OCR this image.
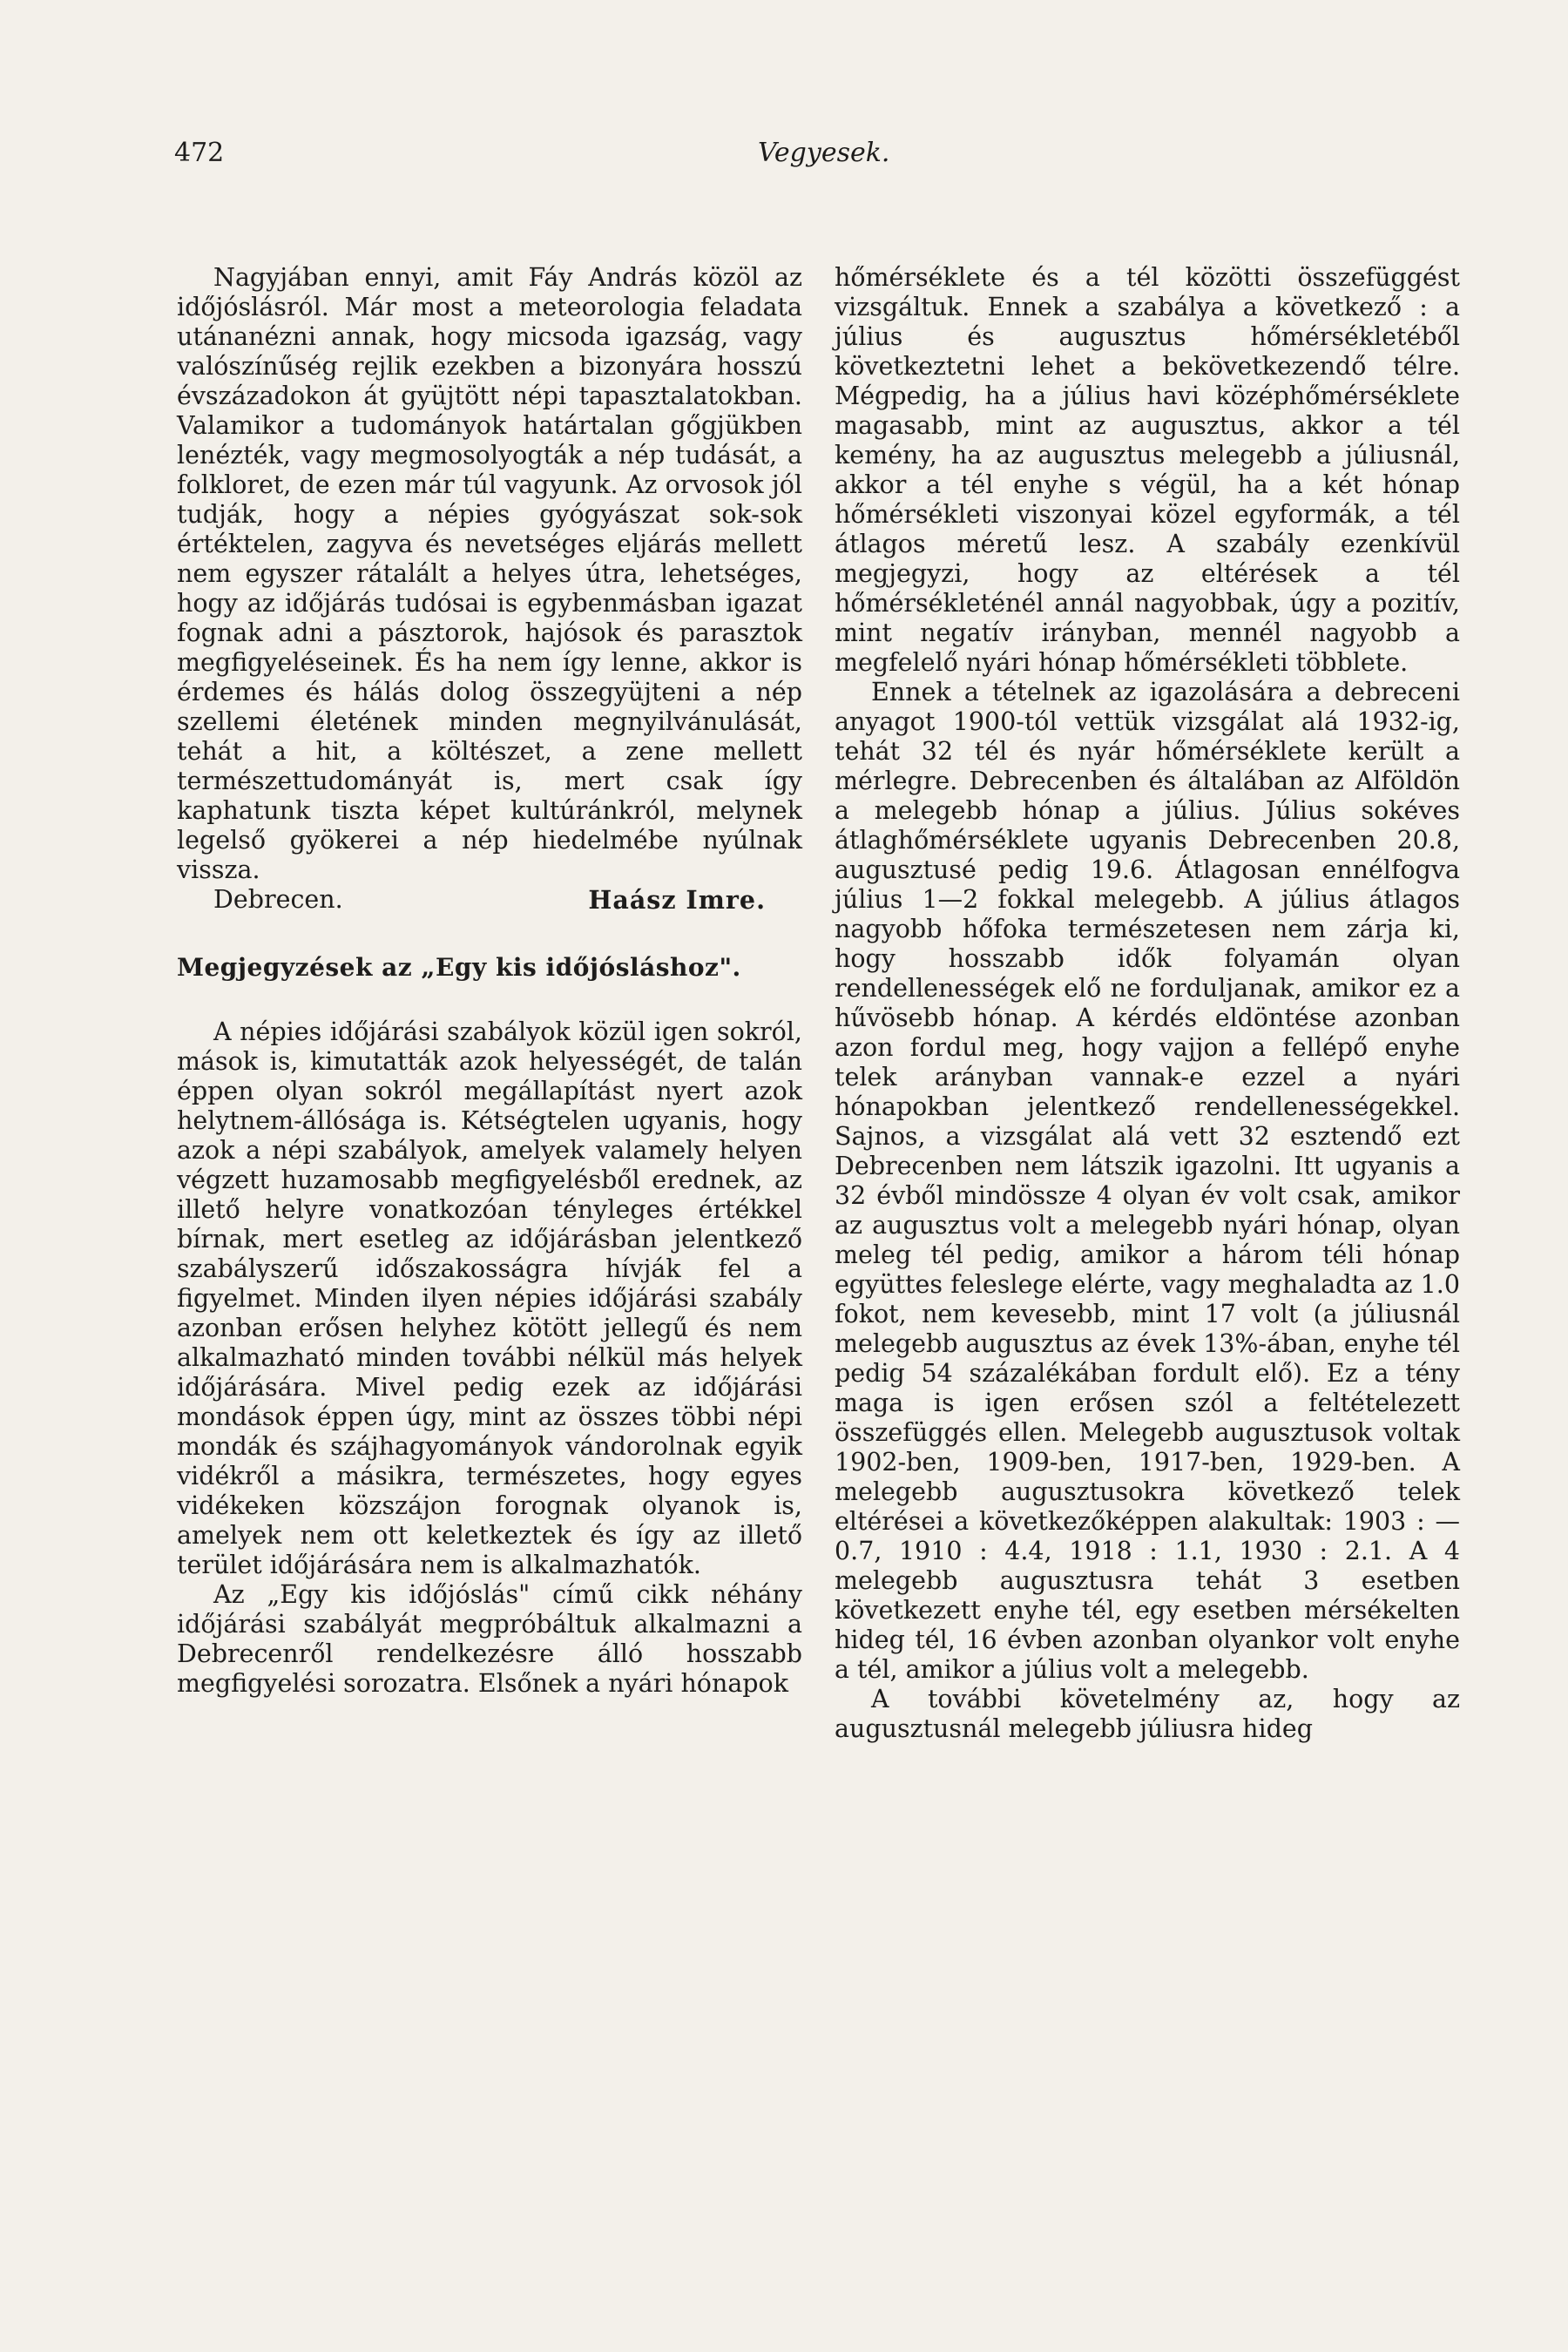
472	Vegyesek.

Nagyjában ennyi, amit Fáy András közöl az időjóslásról. Már most a meteorologia feladata utánanézni annak, hogy micsoda igazság, vagy valószínűség rejlik ezekben a bizonyára hosszú évszázadokon át gyüjtött népi tapasztalatokban. Valamikor a tudományok határtalan gőgjükben lenézték, vagy megmosolyogták a nép tudását, a folkloret, de ezen már túl vagyunk. Az orvosok jól tudják, hogy a népies gyógyászat sok-sok értéktelen, zagyva és nevetséges eljárás mellett nem egyszer rátalált a helyes útra, lehetséges, hogy az időjárás tudósai is egybenmásban igazat fognak adni a pásztorok, hajósok és parasztok megfigyeléseinek. És ha nem így lenne, akkor is érdemes és hálás dolog összegyüjteni a nép szellemi életének minden megnyilvánulását, tehát a hit, a költészet, a zene mellett természettudományát is, mert csak így kaphatunk tiszta képet kultúránkról, melynek legelső gyökerei a nép hiedelmébe nyúlnak vissza.

Debrecen.	Haász Imre.
Megjegyzések az „Egy kis időjósláshoz".

A népies időjárási szabályok közül igen sokról, mások is, kimutatták azok helyességét, de talán éppen olyan sokról megállapítást nyert azok helytnem-állósága is. Kétségtelen ugyanis, hogy azok a népi szabályok, amelyek valamely helyen végzett huzamosabb megfigyelésből erednek, az illető helyre vonatkozóan tényleges értékkel bírnak, mert esetleg az időjárásban jelentkező szabályszerű időszakosságra hívják fel a figyelmet. Minden ilyen népies időjárási szabály azonban erősen helyhez kötött jellegű és nem alkalmazható minden további nélkül más helyek időjárására. Mivel pedig ezek az időjárási mondások éppen úgy, mint az összes többi népi mondák és szájhagyományok vándorolnak egyik vidékről a másikra, természetes, hogy egyes vidékeken közszájon forognak olyanok is, amelyek nem ott keletkeztek és így az illető terület időjárására nem is alkalmazhatók.

Az „Egy kis időjóslás" című cikk néhány időjárási szabályát megpróbáltuk alkalmazni a Debrecenről rendelkezésre álló hosszabb megfigyelési sorozatra. Elsőnek a nyári hónapok

hőmérséklete és a tél közötti összefüggést vizsgáltuk. Ennek a szabálya a következő : a július és augusztus hőmérsékletéből következtetni lehet a bekövetkezendő télre. Mégpedig, ha a július havi középhőmérséklete magasabb, mint az augusztus, akkor a tél kemény, ha az augusztus melegebb a júliusnál, akkor a tél enyhe s végül, ha a két hónap hőmérsékleti viszonyai közel egyformák, a tél átlagos méretű lesz. A szabály ezenkívül megjegyzi, hogy az eltérések a tél hőmérsékleténél annál nagyobbak, úgy a pozitív, mint negatív irányban, mennél nagyobb a megfelelő nyári hónap hőmérsékleti többlete.

Ennek a tételnek az igazolására a debreceni anyagot 1900-tól vettük vizsgálat alá 1932-ig, tehát 32 tél és nyár hőmérséklete került a mérlegre. Debrecenben és általában az Alföldön a melegebb hónap a július. Július sokéves átlaghőmérséklete ugyanis Debrecenben 20.8, augusztusé pedig 19.6. Átlagosan ennélfogva július 1—2 fokkal melegebb. A július átlagos nagyobb hőfoka természetesen nem zárja ki, hogy hosszabb idők folyamán olyan rendellenességek elő ne forduljanak, amikor ez a hűvösebb hónap. A kérdés eldöntése azonban azon fordul meg, hogy vajjon a fellépő enyhe telek arányban vannak-e ezzel a nyári hónapokban jelentkező rendellenességekkel. Sajnos, a vizsgálat alá vett 32 esztendő ezt Debrecenben nem látszik igazolni. Itt ugyanis a 32 évből mindössze 4 olyan év volt csak, amikor az augusztus volt a melegebb nyári hónap, olyan meleg tél pedig, amikor a három téli hónap együttes feleslege elérte, vagy meghaladta az 1.0 fokot, nem kevesebb, mint 17 volt (a júliusnál melegebb augusztus az évek 13%-ában, enyhe tél pedig 54 százalékában fordult elő). Ez a tény maga is igen erősen szól a feltételezett összefüggés ellen. Melegebb augusztusok voltak 1902-ben, 1909-ben, 1917-ben, 1929-ben. A melegebb augusztusokra következő telek eltérései a következőképpen alakultak: 1903 : —0.7, 1910 : 4.4, 1918 : 1.1, 1930 : 2.1. A 4 melegebb augusztusra tehát 3 esetben következett enyhe tél, egy esetben mérsékelten hideg tél, 16 évben azonban olyankor volt enyhe a tél, amikor a július volt a melegebb.

A további követelmény az, hogy az augusztusnál melegebb júliusra hideg
